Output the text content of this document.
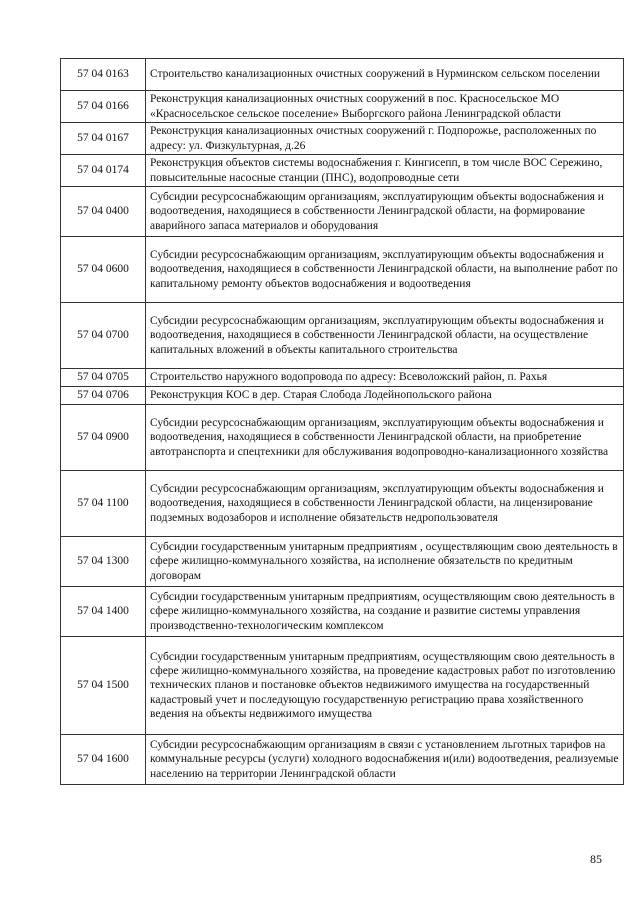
57 04 0163	Строительство канализационных очистных сооружений в Нурминском сельском поселении
57 04 0166	Реконструкция канализационных очистных сооружений в пос. Красносельское МО «Красносельское сельское поселение» Выборгского района Ленинградской области
57 04 0167	Реконструкция канализационных очистных сооружений г. Подпорожье, расположенных по адресу: ул. Физкультурная, д.26
57 04 0174	Реконструкция объектов системы водоснабжения г. Кингисепп, в том числе ВОС Сережино, повысительные насосные станции (ПНС), водопроводные сети
57 04 0400	Субсидии ресурсоснабжающим организациям, эксплуатирующим объекты водоснабжения и водоотведения, находящиеся в собственности Ленинградской области, на формирование аварийного запаса материалов и оборудования
57 04 0600	Субсидии ресурсоснабжающим организациям, эксплуатирующим объекты водоснабжения и водоотведения, находящиеся в собственности Ленинградской области, на выполнение работ по капитальному ремонту объектов водоснабжения и водоотведения
57 04 0700	Субсидии ресурсоснабжающим организациям, эксплуатирующим объекты водоснабжения и водоотведения, находящиеся в собственности Ленинградской области, на осуществление капитальных вложений в объекты капитального строительства
57 04 0705	Строительство наружного водопровода по адресу: Всеволожский район, п. Рахья
57 04 0706	Реконструкция КОС в дер. Старая Слобода Лодейнопольского района
57 04 0900	Субсидии ресурсоснабжающим организациям, эксплуатирующим объекты водоснабжения и водоотведения, находящиеся в собственности Ленинградской области, на приобретение автотранспорта и спецтехники для обслуживания водопроводно-канализационного хозяйства
57 04 1100	Субсидии ресурсоснабжающим организациям, эксплуатирующим объекты водоснабжения и водоотведения, находящиеся в собственности Ленинградской области, на лицензирование подземных водозаборов и исполнение обязательств недропользователя
57 04 1300	Субсидии государственным унитарным предприятиям , осуществляющим свою деятельность в сфере жилищно-коммунального хозяйства, на исполнение обязательств по кредитным договорам
57 04 1400	Субсидии государственным унитарным предприятиям, осуществляющим свою деятельность в сфере жилищно-коммунального хозяйства, на создание и развитие системы управления производственно-технологическим комплексом
57 04 1500	Субсидии государственным унитарным предприятиям, осуществляющим свою деятельность в сфере жилищно-коммунального хозяйства, на проведение кадастровых работ по изготовлению технических планов и постановке объектов недвижимого имущества на государственный кадастровый учет и последующую государственную регистрацию права хозяйственного ведения на объекты недвижимого имущества
57 04 1600	Субсидии ресурсоснабжающим организациям в связи с установлением льготных тарифов на коммунальные ресурсы (услуги) холодного водоснабжения и(или) водоотведения, реализуемые населению на территории Ленинградской области
85
